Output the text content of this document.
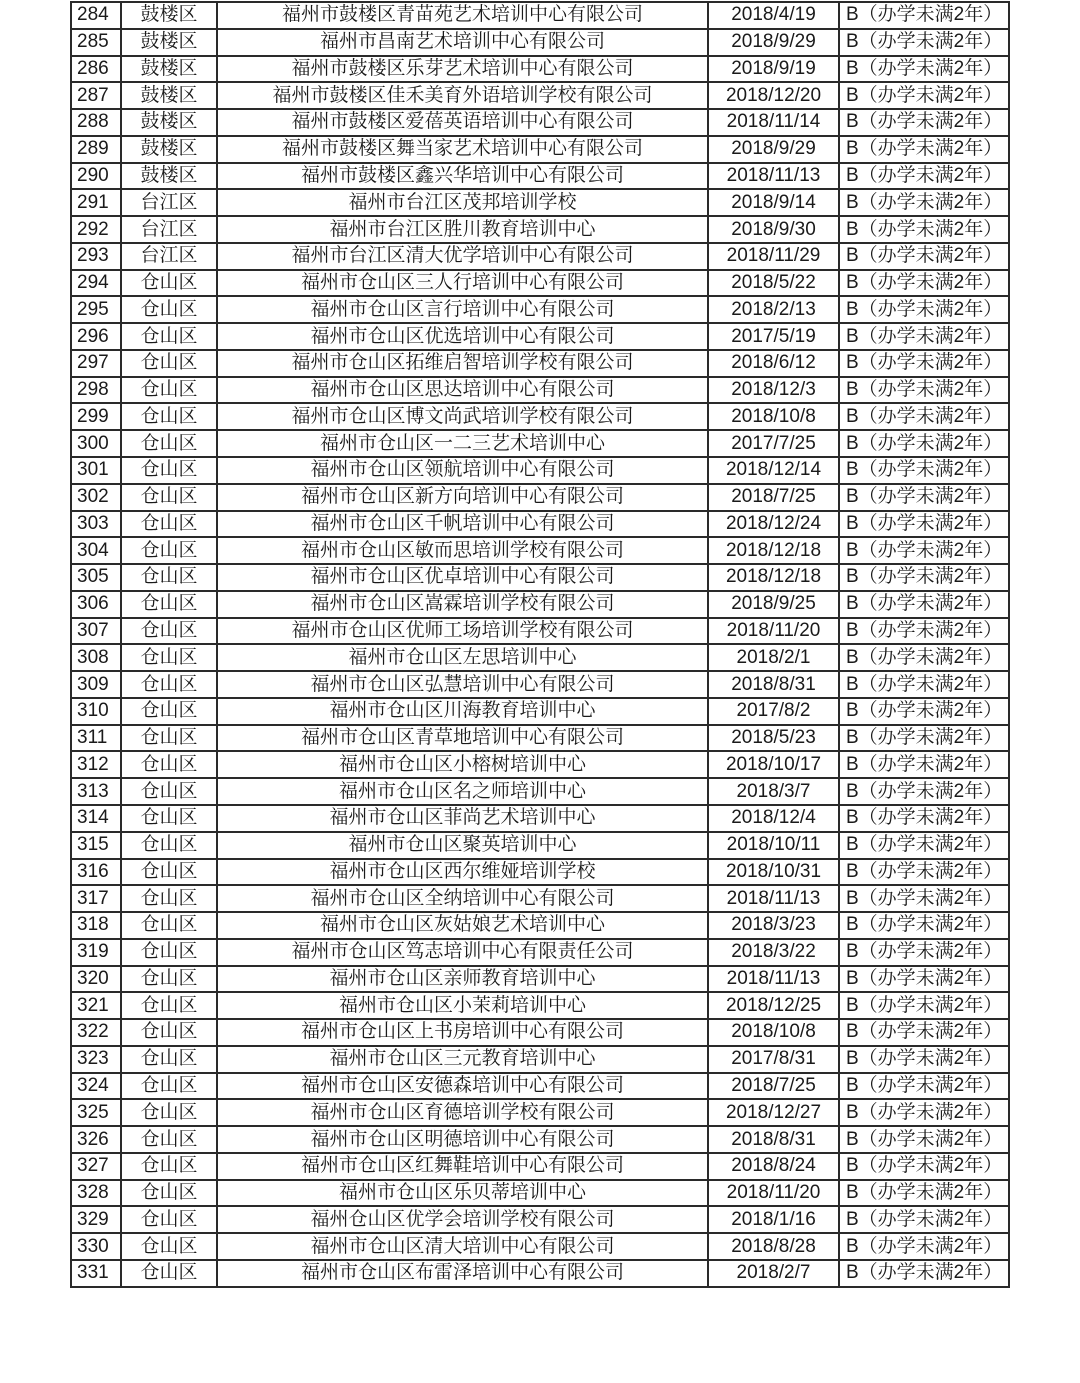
284	鼓楼区	福州市鼓楼区青苗苑艺术培训中心有限公司	2018/4/19	B（办学未满2年）
285	鼓楼区	福州市昌南艺术培训中心有限公司	2018/9/29	B（办学未满2年）
286	鼓楼区	福州市鼓楼区乐芽艺术培训中心有限公司	2018/9/19	B（办学未满2年）
287	鼓楼区	福州市鼓楼区佳禾美育外语培训学校有限公司	2018/12/20	B（办学未满2年）
288	鼓楼区	福州市鼓楼区爱蓓英语培训中心有限公司	2018/11/14	B（办学未满2年）
289	鼓楼区	福州市鼓楼区舞当家艺术培训中心有限公司	2018/9/29	B（办学未满2年）
290	鼓楼区	福州市鼓楼区鑫兴华培训中心有限公司	2018/11/13	B（办学未满2年）
291	台江区	福州市台江区茂邦培训学校	2018/9/14	B（办学未满2年）
292	台江区	福州市台江区胜川教育培训中心	2018/9/30	B（办学未满2年）
293	台江区	福州市台江区清大优学培训中心有限公司	2018/11/29	B（办学未满2年）
294	仓山区	福州市仓山区三人行培训中心有限公司	2018/5/22	B（办学未满2年）
295	仓山区	福州市仓山区言行培训中心有限公司	2018/2/13	B（办学未满2年）
296	仓山区	福州市仓山区优选培训中心有限公司	2017/5/19	B（办学未满2年）
297	仓山区	福州市仓山区拓维启智培训学校有限公司	2018/6/12	B（办学未满2年）
298	仓山区	福州市仓山区思达培训中心有限公司	2018/12/3	B（办学未满2年）
299	仓山区	福州市仓山区博文尚武培训学校有限公司	2018/10/8	B（办学未满2年）
300	仓山区	福州市仓山区一二三艺术培训中心	2017/7/25	B（办学未满2年）
301	仓山区	福州市仓山区领航培训中心有限公司	2018/12/14	B（办学未满2年）
302	仓山区	福州市仓山区新方向培训中心有限公司	2018/7/25	B（办学未满2年）
303	仓山区	福州市仓山区千帆培训中心有限公司	2018/12/24	B（办学未满2年）
304	仓山区	福州市仓山区敏而思培训学校有限公司	2018/12/18	B（办学未满2年）
305	仓山区	福州市仓山区优卓培训中心有限公司	2018/12/18	B（办学未满2年）
306	仓山区	福州市仓山区嵩霖培训学校有限公司	2018/9/25	B（办学未满2年）
307	仓山区	福州市仓山区优师工场培训学校有限公司	2018/11/20	B（办学未满2年）
308	仓山区	福州市仓山区左思培训中心	2018/2/1	B（办学未满2年）
309	仓山区	福州市仓山区弘慧培训中心有限公司	2018/8/31	B（办学未满2年）
310	仓山区	福州市仓山区川海教育培训中心	2017/8/2	B（办学未满2年）
311	仓山区	福州市仓山区青草地培训中心有限公司	2018/5/23	B（办学未满2年）
312	仓山区	福州市仓山区小榕树培训中心	2018/10/17	B（办学未满2年）
313	仓山区	福州市仓山区名之师培训中心	2018/3/7	B（办学未满2年）
314	仓山区	福州市仓山区菲尚艺术培训中心	2018/12/4	B（办学未满2年）
315	仓山区	福州市仓山区聚英培训中心	2018/10/11	B（办学未满2年）
316	仓山区	福州市仓山区西尔维娅培训学校	2018/10/31	B（办学未满2年）
317	仓山区	福州市仓山区全纳培训中心有限公司	2018/11/13	B（办学未满2年）
318	仓山区	福州市仓山区灰姑娘艺术培训中心	2018/3/23	B（办学未满2年）
319	仓山区	福州市仓山区笃志培训中心有限责任公司	2018/3/22	B（办学未满2年）
320	仓山区	福州市仓山区亲师教育培训中心	2018/11/13	B（办学未满2年）
321	仓山区	福州市仓山区小茉莉培训中心	2018/12/25	B（办学未满2年）
322	仓山区	福州市仓山区上书房培训中心有限公司	2018/10/8	B（办学未满2年）
323	仓山区	福州市仓山区三元教育培训中心	2017/8/31	B（办学未满2年）
324	仓山区	福州市仓山区安德森培训中心有限公司	2018/7/25	B（办学未满2年）
325	仓山区	福州市仓山区育德培训学校有限公司	2018/12/27	B（办学未满2年）
326	仓山区	福州市仓山区明德培训中心有限公司	2018/8/31	B（办学未满2年）
327	仓山区	福州市仓山区红舞鞋培训中心有限公司	2018/8/24	B（办学未满2年）
328	仓山区	福州市仓山区乐贝蒂培训中心	2018/11/20	B（办学未满2年）
329	仓山区	福州仓山区优学会培训学校有限公司	2018/1/16	B（办学未满2年）
330	仓山区	福州市仓山区清大培训中心有限公司	2018/8/28	B（办学未满2年）
331	仓山区	福州市仓山区布雷泽培训中心有限公司	2018/2/7	B（办学未满2年）
